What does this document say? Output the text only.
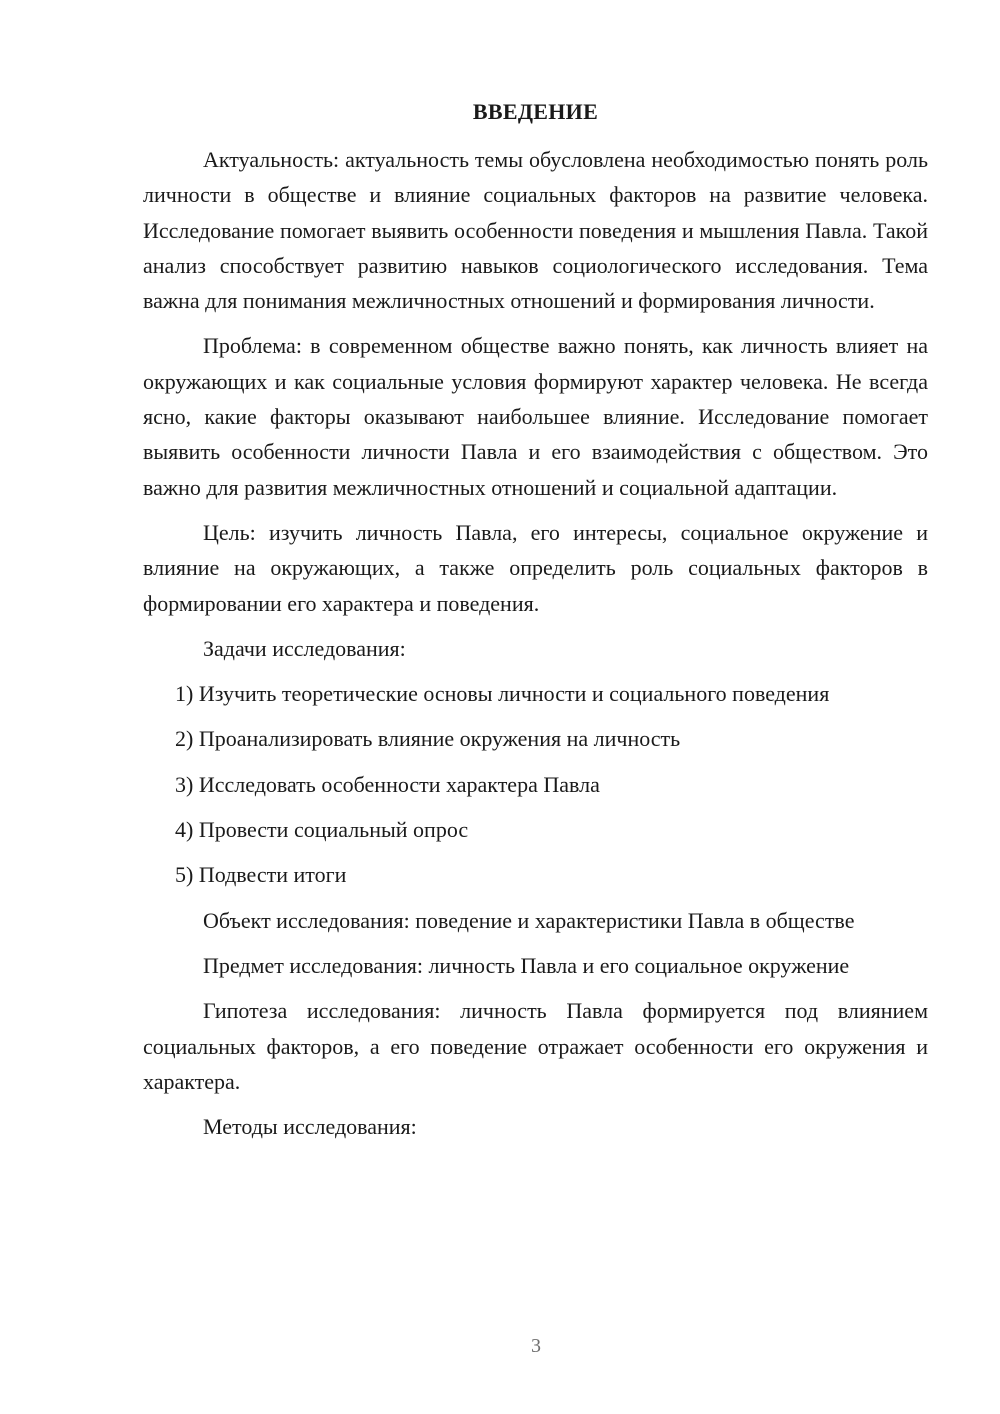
ВВЕДЕНИЕ

Актуальность: актуальность темы обусловлена необходимостью понять роль личности в обществе и влияние социальных факторов на развитие человека. Исследование помогает выявить особенности поведения и мышления Павла. Такой анализ способствует развитию навыков социологического исследования. Тема важна для понимания межличностных отношений и формирования личности.

Проблема: в современном обществе важно понять, как личность влияет на окружающих и как социальные условия формируют характер человека. Не всегда ясно, какие факторы оказывают наибольшее влияние. Исследование помогает выявить особенности личности Павла и его взаимодействия с обществом. Это важно для развития межличностных отношений и социальной адаптации.

Цель: изучить личность Павла, его интересы, социальное окружение и влияние на окружающих, а также определить роль социальных факторов в формировании его характера и поведения.

Задачи исследования:

1) Изучить теоретические основы личности и социального поведения
2) Проанализировать влияние окружения на личность
3) Исследовать особенности характера Павла
4) Провести социальный опрос
5) Подвести итоги

Объект исследования: поведение и характеристики Павла в обществе

Предмет исследования: личность Павла и его социальное окружение

Гипотеза исследования: личность Павла формируется под влиянием социальных факторов, а его поведение отражает особенности его окружения и характера.

Методы исследования:

3
